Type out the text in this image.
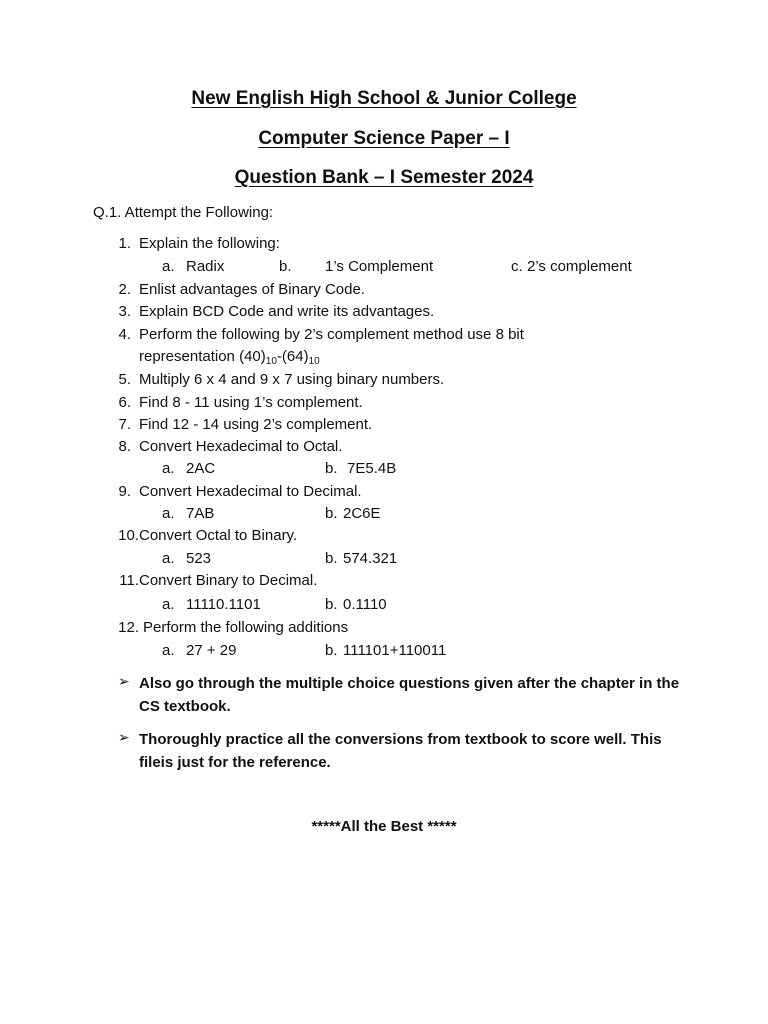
New English High School & Junior College
Computer Science Paper – I
Question Bank – I Semester 2024
Q.1. Attempt the Following:
1. Explain the following:
a. Radix	b. 1’s Complement	c. 2’s complement
2. Enlist advantages of Binary Code.
3. Explain BCD Code and write its advantages.
4. Perform the following by 2’s complement method use 8 bit
representation $(40)_{10}-(64)_{10}$
5. Multiply 6 x 4 and 9 x 7 using binary numbers.
6. Find 8 - 11 using 1’s complement.
7. Find 12 - 14 using 2’s complement.
8. Convert Hexadecimal to Octal.
a. 2AC	b. 7E5.4B
9. Convert Hexadecimal to Decimal.
a. 7AB	b. 2C6E
10. Convert Octal to Binary.
a. 523	b. 574.321
11. Convert Binary to Decimal.
a. 11110.1101	b. 0.1110
12. Perform the following additions
a. 27 + 29	b. 111101+110011
➢ Also go through the multiple choice questions given after the chapter in the CS textbook.
➢ Thoroughly practice all the conversions from textbook to score well. This fileis just for the reference.
*****All the Best *****
